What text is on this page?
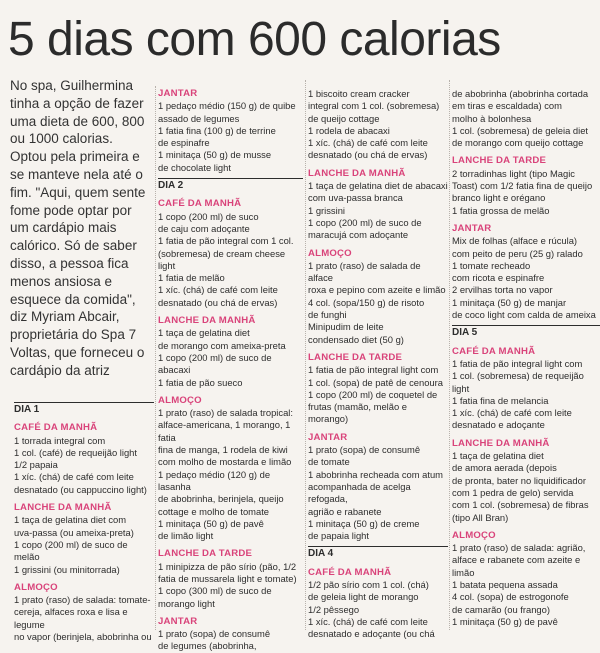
5 dias com 600 calorias

No spa, Guilhermina tinha a opção de fazer uma dieta de 600, 800 ou 1000 calorias. Optou pela primeira e se manteve nela até o fim. "Aqui, quem sente fome pode optar por um cardápio mais calórico. Só de saber disso, a pessoa fica menos ansiosa e esquece da comida", diz Myriam Abcair, proprietária do Spa 7 Voltas, que forneceu o cardápio da atriz

DIA 1
CAFÉ DA MANHÃ
1 torrada integral com
1 col. (café) de requeijão light
1/2 papaia
1 xíc. (chá) de café com leite
desnatado (ou cappuccino light)
LANCHE DA MANHÃ
1 taça de gelatina diet com
uva-passa (ou ameixa-preta)
1 copo (200 ml) de suco de melão
1 grissini (ou minitorrada)
ALMOÇO
1 prato (raso) de salada: tomate-
cereja, alfaces roxa e lisa e legume
no vapor (berinjela, abobrinha ou
JANTAR
1 pedaço médio (150 g) de quibe
assado de legumes
1 fatia fina (100 g) de terrine
de espinafre
1 minitaça (50 g) de musse
de chocolate light
DIA 2
CAFÉ DA MANHÃ
1 copo (200 ml) de suco
de caju com adoçante
1 fatia de pão integral com 1 col.
(sobremesa) de cream cheese light
1 fatia de melão
1 xíc. (chá) de café com leite
desnatado (ou chá de ervas)
LANCHE DA MANHÃ
1 taça de gelatina diet
de morango com ameixa-preta
1 copo (200 ml) de suco de abacaxi
1 fatia de pão sueco
ALMOÇO
1 prato (raso) de salada tropical:
alface-americana, 1 morango, 1 fatia
fina de manga, 1 rodela de kiwi
com molho de mostarda e limão
1 pedaço médio (120 g) de lasanha
de abobrinha, berinjela, queijo
cottage e molho de tomate
1 minitaça (50 g) de pavê
de limão light
LANCHE DA TARDE
1 minipizza de pão sírio (pão, 1/2
fatia de mussarela light e tomate)
1 copo (300 ml) de suco de
morango light
JANTAR
1 prato (sopa) de consumê
de legumes (abobrinha,
1 biscoito cream cracker
integral com 1 col. (sobremesa)
de queijo cottage
1 rodela de abacaxi
1 xíc. (chá) de café com leite
desnatado (ou chá de ervas)
LANCHE DA MANHÃ
1 taça de gelatina diet de abacaxi
com uva-passa branca
1 grissini
1 copo (200 ml) de suco de
maracujá com adoçante
ALMOÇO
1 prato (raso) de salada de alface
roxa e pepino com azeite e limão
4 col. (sopa/150 g) de risoto
de funghi
Minipudim de leite
condensado diet (50 g)
LANCHE DA TARDE
1 fatia de pão integral light com
1 col. (sopa) de patê de cenoura
1 copo (200 ml) de coquetel de
frutas (mamão, melão e morango)
JANTAR
1 prato (sopa) de consumê
de tomate
1 abobrinha recheada com atum
acompanhada de acelga refogada,
agrião e rabanete
1 minitaça (50 g) de creme
de papaia light
DIA 4
CAFÉ DA MANHÃ
1/2 pão sírio com 1 col. (chá)
de geleia light de morango
1/2 pêssego
1 xíc. (chá) de café com leite
desnatado e adoçante (ou chá
de abobrinha (abobrinha cortada
em tiras e escaldada) com
molho à bolonhesa
1 col. (sobremesa) de geleia diet
de morango com queijo cottage
LANCHE DA TARDE
2 torradinhas light (tipo Magic
Toast) com 1/2 fatia fina de queijo
branco light e orégano
1 fatia grossa de melão
JANTAR
Mix de folhas (alface e rúcula)
com peito de peru (25 g) ralado
1 tomate recheado
com ricota e espinafre
2 ervilhas torta no vapor
1 minitaça (50 g) de manjar
de coco light com calda de ameixa
DIA 5
CAFÉ DA MANHÃ
1 fatia de pão integral light com
1 col. (sobremesa) de requeijão light
1 fatia fina de melancia
1 xíc. (chá) de café com leite
desnatado e adoçante
LANCHE DA MANHÃ
1 taça de gelatina diet
de amora aerada (depois
de pronta, bater no liquidificador
com 1 pedra de gelo) servida
com 1 col. (sobremesa) de fibras
(tipo All Bran)
ALMOÇO
1 prato (raso) de salada: agrião,
alface e rabanete com azeite e limão
1 batata pequena assada
4 col. (sopa) de estrogonofe
de camarão (ou frango)
1 minitaça (50 g) de pavê
